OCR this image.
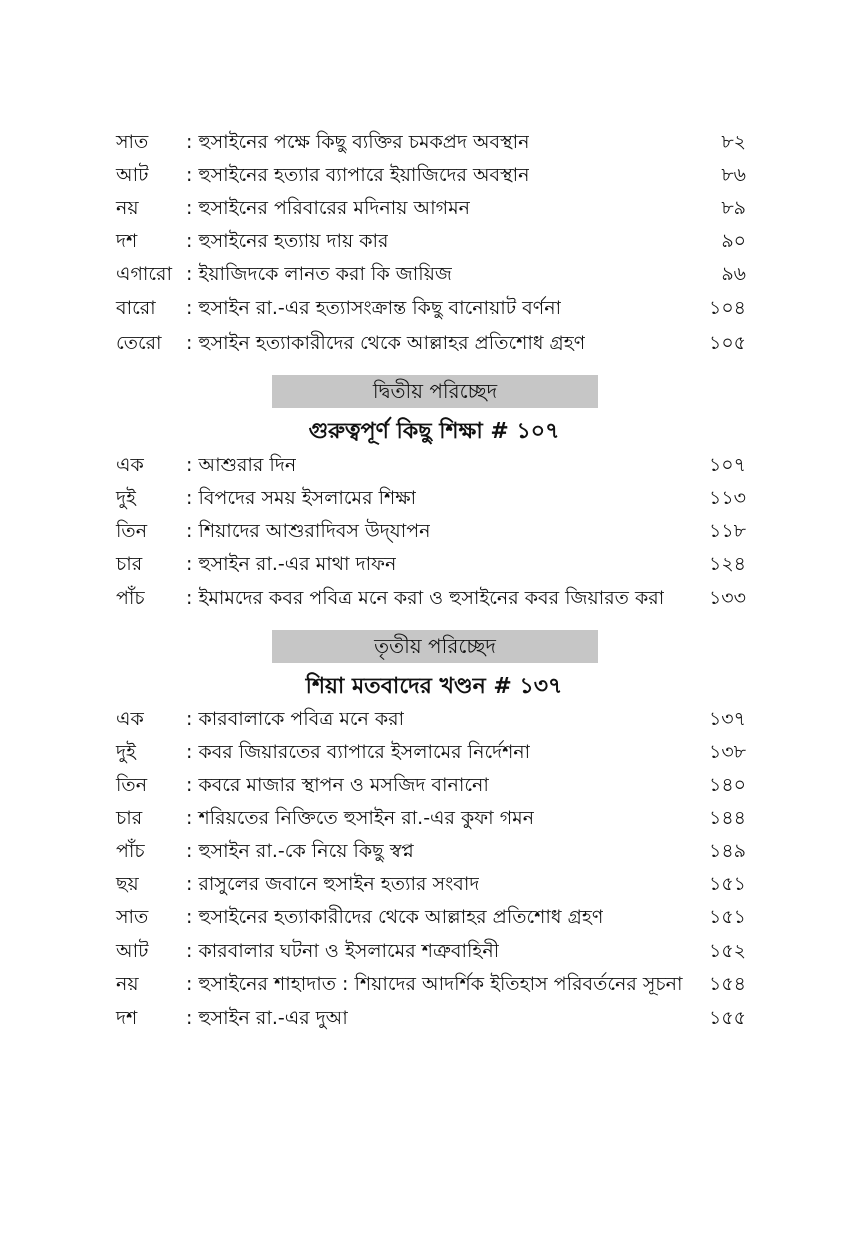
সাত : হুসাইনের পক্ষে কিছু ব্যক্তির চমকপ্রদ অবস্থান	৮২
আট : হুসাইনের হত্যার ব্যাপারে ইয়াজিদের অবস্থান	৮৬
নয় : হুসাইনের পরিবারের মদিনায় আগমন	৮৯
দশ	: হুসাইনের হত্যায় দায় কার	৯০
এগারো : ইয়াজিদকে লানত করা কি জায়িজ	৯৬
বারো : হুসাইন রা.-এর হত্যাসংক্রান্ত কিছু বানোয়াট বর্ণনা	১০৪
তেরো : হুসাইন হত্যাকারীদের থেকে আল্লাহর প্রতিশোধ গ্রহণ	১০৫
দ্বিতীয় পরিচ্ছেদ
গুরুত্বপূর্ণ কিছু শিক্ষা # ১০৭
এক : আশুরার দিন	১০৭
দুই	: বিপদের সময় ইসলামের শিক্ষা	১১৩
তিন : শিয়াদের আশুরাদিবস উদ্‌যাপন	১১৮
চার : হুসাইন রা.-এর মাথা দাফন	১২৪
পাঁচ : ইমামদের কবর পবিত্র মনে করা ও হুসাইনের কবর জিয়ারত করা ১৩৩
তৃতীয় পরিচ্ছেদ
শিয়া মতবাদের খণ্ডন # ১৩৭
এক : কারবালাকে পবিত্র মনে করা	১৩৭
দুই	: কবর জিয়ারতের ব্যাপারে ইসলামের নির্দেশনা	১৩৮
তিন : কবরে মাজার স্থাপন ও মসজিদ বানানো	১৪০
চার : শরিয়তের নিক্তিতে হুসাইন রা.-এর কুফা গমন	১৪৪
পাঁচ : হুসাইন রা.-কে নিয়ে কিছু স্বপ্ন	১৪৯
ছয় : রাসুলের জবানে হুসাইন হত্যার সংবাদ	১৫১
সাত : হুসাইনের হত্যাকারীদের থেকে আল্লাহর প্রতিশোধ গ্রহণ	১৫১
আট : কারবালার ঘটনা ও ইসলামের শত্রুবাহিনী	১৫২
নয় : হুসাইনের শাহাদাত : শিয়াদের আদর্শিক ইতিহাস পরিবর্তনের সূচনা ১৫৪
দশ	: হুসাইন রা.-এর দুআ	১৫৫
